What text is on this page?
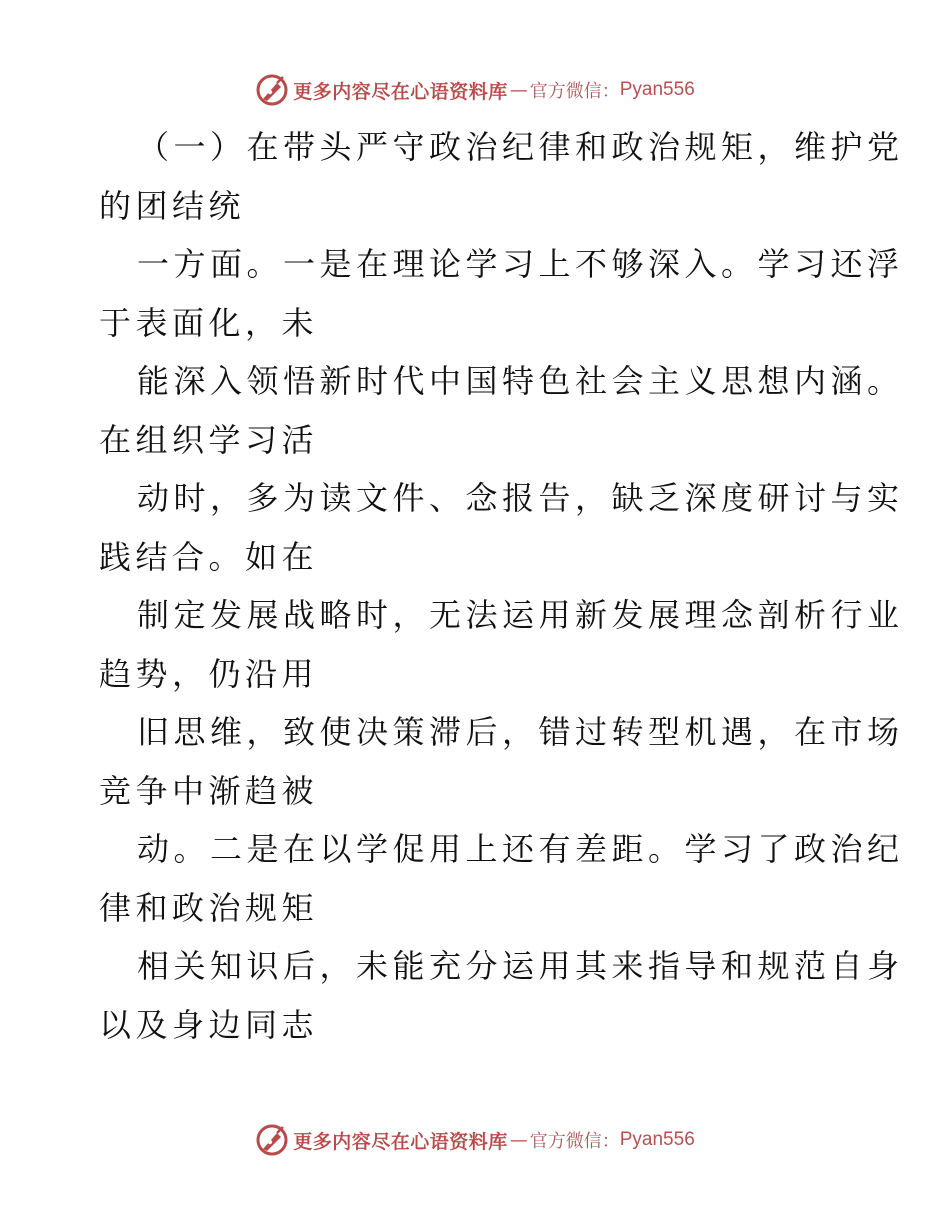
更多内容尽在心语资料库 — 官方微信： Pyan556
（一）在带头严守政治纪律和政治规矩，维护党
的团结统
一方面。一是在理论学习上不够深入。学习还浮
于表面化，未
能深入领悟新时代中国特色社会主义思想内涵。
在组织学习活
动时，多为读文件、念报告，缺乏深度研讨与实
践结合。如在
制定发展战略时，无法运用新发展理念剖析行业
趋势，仍沿用
旧思维，致使决策滞后，错过转型机遇，在市场
竞争中渐趋被
动。二是在以学促用上还有差距。学习了政治纪
律和政治规矩
相关知识后，未能充分运用其来指导和规范自身
以及身边同志
更多内容尽在心语资料库 — 官方微信： Pyan556
